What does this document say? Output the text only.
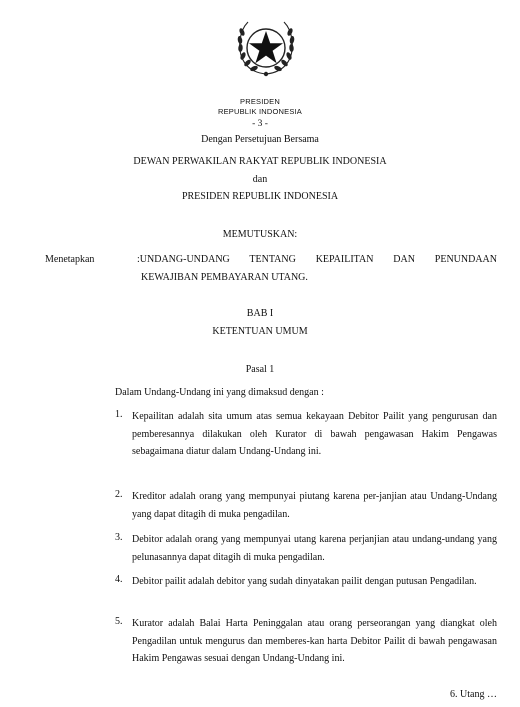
PRESIDEN
REPUBLIK INDONESIA
- 3 -
Dengan Persetujuan Bersama
DEWAN PERWAKILAN RAKYAT REPUBLIK INDONESIA
dan
PRESIDEN REPUBLIK INDONESIA
MEMUTUSKAN:
Menetapkan	:UNDANG-UNDANG TENTANG KEPAILITAN DAN PENUNDAAN
KEWAJIBAN PEMBAYARAN UTANG.
BAB I
KETENTUAN UMUM
Pasal 1
Dalam Undang-Undang ini yang dimaksud dengan :
1. Kepailitan adalah sita umum atas semua kekayaan Debitor Pailit yang pengurusan dan pemberesannya dilakukan oleh Kurator di bawah pengawasan Hakim Pengawas sebagaimana diatur dalam Undang-Undang ini.
2. Kreditor adalah orang yang mempunyai piutang karena per-janjian atau Undang-Undang yang dapat ditagih di muka pengadilan.
3. Debitor adalah orang yang mempunyai utang karena perjanjian atau undang-undang yang pelunasannya dapat ditagih di muka pengadilan.
4. Debitor pailit adalah debitor yang sudah dinyatakan pailit dengan putusan Pengadilan.
5. Kurator adalah Balai Harta Peninggalan atau orang perseorangan yang diangkat oleh Pengadilan untuk mengurus dan memberes-kan harta Debitor Pailit di bawah pengawasan Hakim Pengawas sesuai dengan Undang-Undang ini.
6. Utang …
